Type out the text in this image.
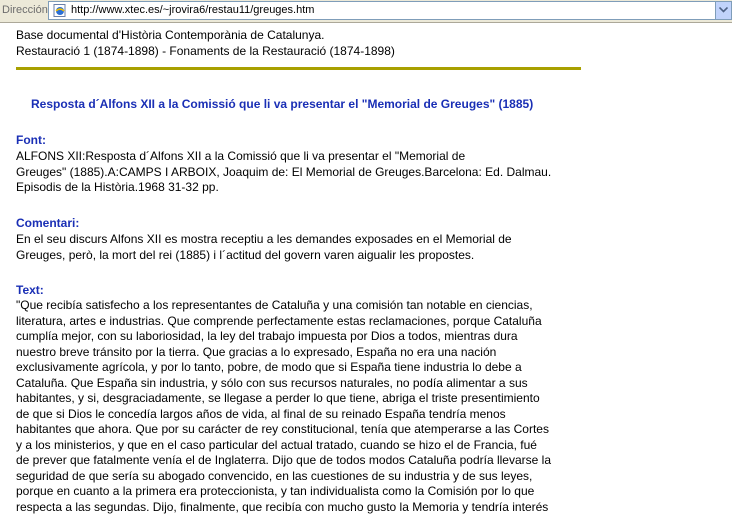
Dirección http://www.xtec.es/~jrovira6/restau11/greuges.htm
Base documental d'Història Contemporània de Catalunya.
Restauració 1 (1874-1898) - Fonaments de la Restauració (1874-1898)
Resposta d´Alfons XII a la Comissió que li va presentar el "Memorial de Greuges" (1885)
Font:
ALFONS XII:Resposta d´Alfons XII a la Comissió que li va presentar el "Memorial de
Greuges" (1885).A:CAMPS I ARBOIX, Joaquim de: El Memorial de Greuges.Barcelona: Ed. Dalmau.
Episodis de la Història.1968 31-32 pp.
Comentari:
En el seu discurs Alfons XII es mostra receptiu a les demandes exposades en el Memorial de
Greuges, però, la mort del rei (1885) i l´actitud del govern varen aigualir les propostes.
Text:
"Que recibía satisfecho a los representantes de Cataluña y una comisión tan notable en ciencias,
literatura, artes e industrias. Que comprende perfectamente estas reclamaciones, porque Cataluña
cumplía mejor, con su laboriosidad, la ley del trabajo impuesta por Dios a todos, mientras dura
nuestro breve tránsito por la tierra. Que gracias a lo expresado, España no era una nación
exclusivamente agrícola, y por lo tanto, pobre, de modo que si España tiene industria lo debe a
Cataluña. Que España sin industria, y sólo con sus recursos naturales, no podía alimentar a sus
habitantes, y si, desgraciadamente, se llegase a perder lo que tiene, abriga el triste presentimiento
de que si Dios le concedía largos años de vida, al final de su reinado España tendría menos
habitantes que ahora. Que por su carácter de rey constitucional, tenía que atemperarse a las Cortes
y a los ministerios, y que en el caso particular del actual tratado, cuando se hizo el de Francia, fué
de prever que fatalmente venía el de Inglaterra. Dijo que de todos modos Cataluña podría llevarse la
seguridad de que sería su abogado convencido, en las cuestiones de su industria y de sus leyes,
porque en cuanto a la primera era proteccionista, y tan individualista como la Comisión por lo que
respecta a las segundas. Dijo, finalmente, que recibía con mucho gusto la Memoria y tendría interés
